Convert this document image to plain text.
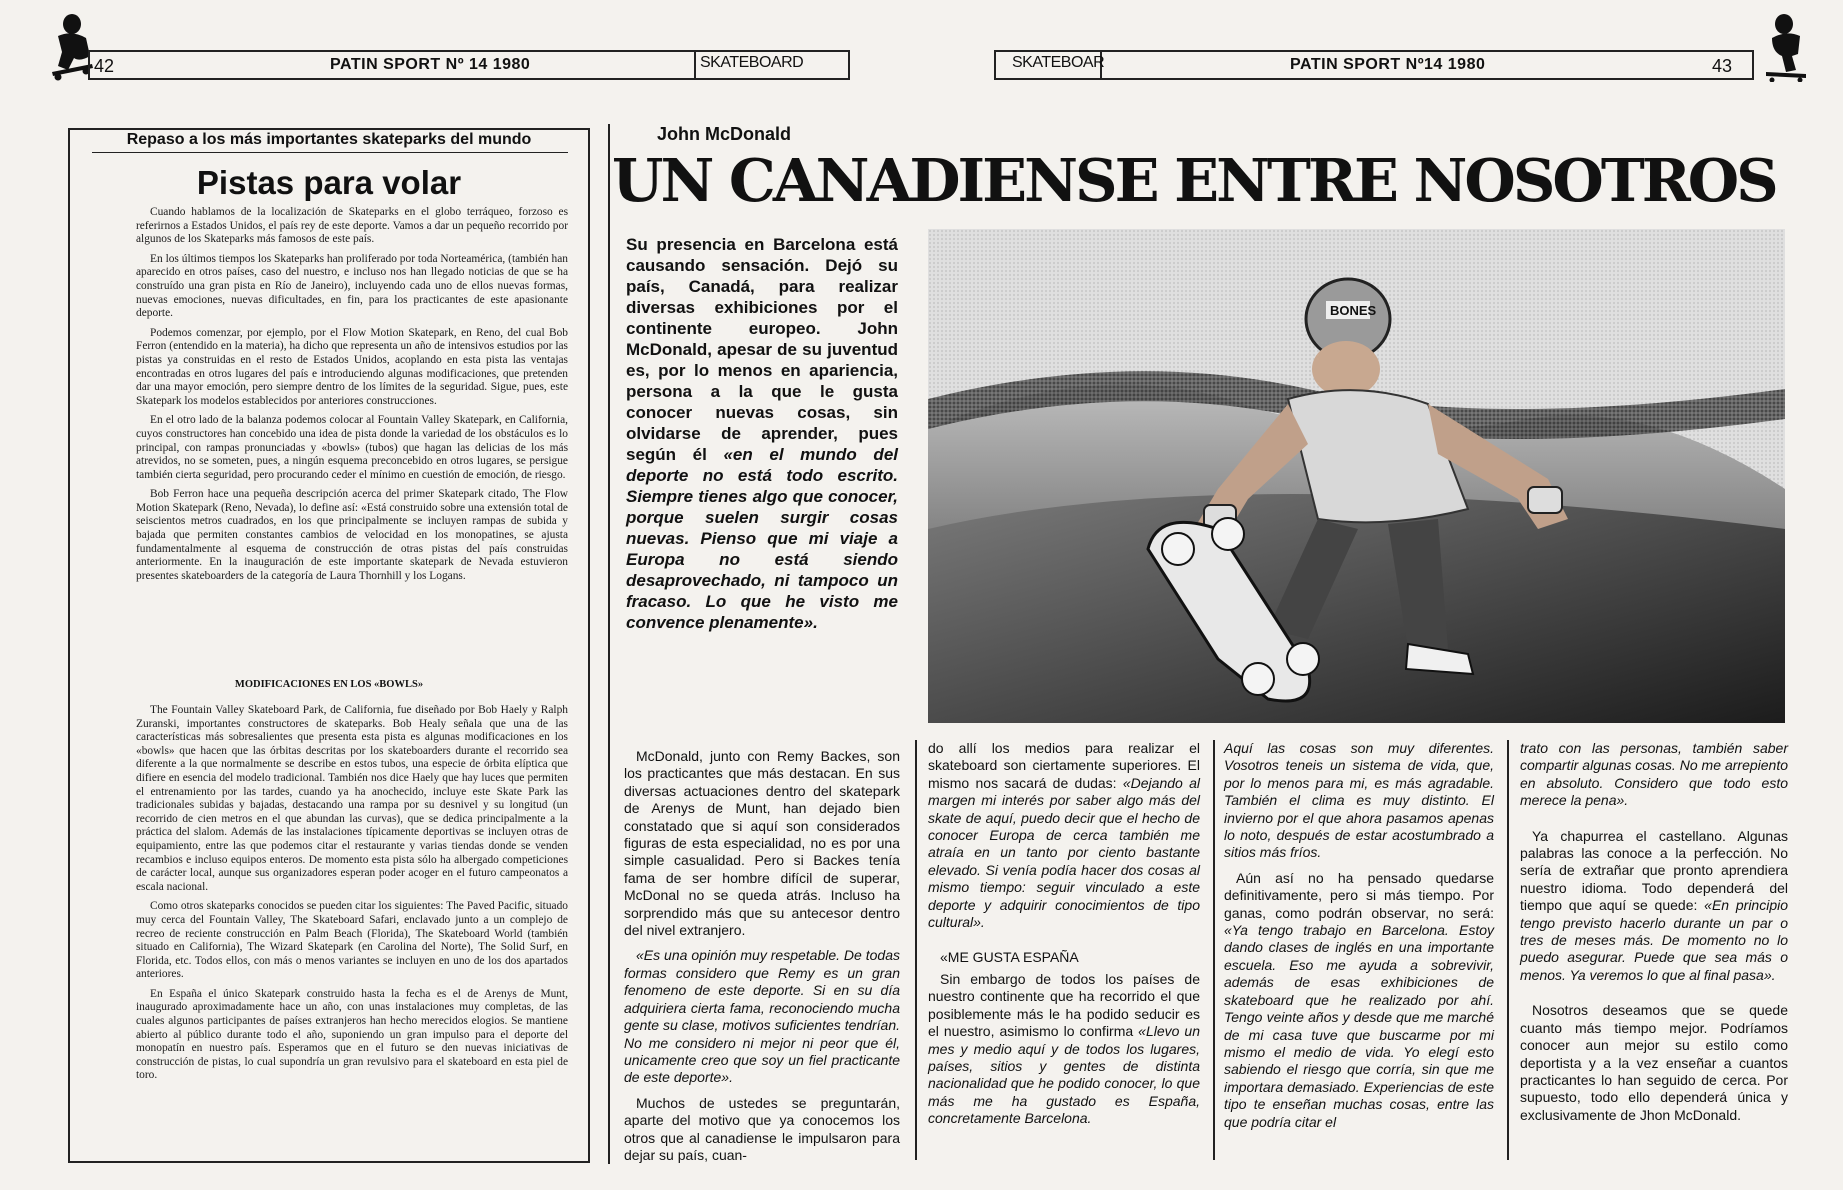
42	PATIN SPORT Nº 14 1980	SKATEBOARD	SKATEBOAR	PATIN SPORT Nº14 1980	43
Repaso a los más importantes skateparks del mundo
Pistas para volar

Cuando hablamos de la localización de Skateparks en el globo terráqueo, forzoso es referirnos a Estados Unidos, el país rey de este deporte. Vamos a dar un pequeño recorrido por algunos de los Skateparks más famosos de este país.

En los últimos tiempos los Skateparks han proliferado por toda Norteamérica, (también han aparecido en otros países, caso del nuestro, e incluso nos han llegado noticias de que se ha construído una gran pista en Río de Janeiro), incluyendo cada uno de ellos nuevas formas, nuevas emociones, nuevas dificultades, en fin, para los practicantes de este apasionante deporte.

Podemos comenzar, por ejemplo, por el Flow Motion Skatepark, en Reno, del cual Bob Ferron (entendido en la materia), ha dicho que representa un año de intensivos estudios por las pistas ya construidas en el resto de Estados Unidos, acoplando en esta pista las ventajas encontradas en otros lugares del país e introduciendo algunas modificaciones, que pretenden dar una mayor emoción, pero siempre dentro de los límites de la seguridad. Sigue, pues, este Skatepark los modelos establecidos por anteriores construcciones.

En el otro lado de la balanza podemos colocar al Fountain Valley Skatepark, en California, cuyos constructores han concebido una idea de pista donde la variedad de los obstáculos es lo principal, con rampas pronunciadas y «bowls» (tubos) que hagan las delicias de los más atrevidos, no se someten, pues, a ningún esquema preconcebido en otros lugares, se persigue también cierta seguridad, pero procurando ceder el mínimo en cuestión de emoción, de riesgo.

Bob Ferron hace una pequeña descripción acerca del primer Skatepark citado, The Flow Motion Skatepark (Reno, Nevada), lo define así: «Está construido sobre una extensión total de seiscientos metros cuadrados, en los que principalmente se incluyen rampas de subida y bajada que permiten constantes cambios de velocidad en los monopatines, se ajusta fundamentalmente al esquema de construcción de otras pistas del país construidas anteriormente. En la inauguración de este importante skatepark de Nevada estuvieron presentes skateboarders de la categoría de Laura Thornhill y los Logans.

MODIFICACIONES EN LOS «BOWLS»

The Fountain Valley Skateboard Park, de California, fue diseñado por Bob Haely y Ralph Zuranski, importantes constructores de skateparks. Bob Healy señala que una de las características más sobresalientes que presenta esta pista es algunas modificaciones en los «bowls» que hacen que las órbitas descritas por los skateboarders durante el recorrido sea diferente a la que normalmente se describe en estos tubos, una especie de órbita elíptica que difiere en esencia del modelo tradicional. También nos dice Haely que hay luces que permiten el entrenamiento por las tardes, cuando ya ha anochecido, incluye este Skate Park las tradicionales subidas y bajadas, destacando una rampa por su desnivel y su longitud (un recorrido de cien metros en el que abundan las curvas), que se dedica principalmente a la práctica del slalom. Además de las instalaciones típicamente deportivas se incluyen otras de equipamiento, entre las que podemos citar el restaurante y varias tiendas donde se venden recambios e incluso equipos enteros. De momento esta pista sólo ha albergado competiciones de carácter local, aunque sus organizadores esperan poder acoger en el futuro campeonatos a escala nacional.

Como otros skateparks conocidos se pueden citar los siguientes: The Paved Pacific, situado muy cerca del Fountain Valley, The Skateboard Safari, enclavado junto a un complejo de recreo de reciente construcción en Palm Beach (Florida), The Skateboard World (también situado en California), The Wizard Skatepark (en Carolina del Norte), The Solid Surf, en Florida, etc. Todos ellos, con más o menos variantes se incluyen en uno de los dos apartados anteriores.

En España el único Skatepark construido hasta la fecha es el de Arenys de Munt, inaugurado aproximadamente hace un año, con unas instalaciones muy completas, de las cuales algunos participantes de países extranjeros han hecho merecidos elogios. Se mantiene abierto al público durante todo el año, suponiendo un gran impulso para el deporte del monopatín en nuestro país. Esperamos que en el futuro se den nuevas iniciativas de construcción de pistas, lo cual supondría un gran revulsivo para el skateboard en esta piel de toro.

John McDonald
UN CANADIENSE ENTRE NOSOTROS
Su presencia en Barcelona está causando sensación. Dejó su país, Canadá, para realizar diversas exhibiciones por el continente europeo. John McDonald, apesar de su juventud es, por lo menos en apariencia, persona a la que le gusta conocer nuevas cosas, sin olvidarse de aprender, pues según él «en el mundo del deporte no está todo escrito. Siempre tienes algo que conocer, porque suelen surgir cosas nuevas. Pienso que mi viaje a Europa no está siendo desaprovechado, ni tampoco un fracaso. Lo que he visto me convence plenamente».
BONES

McDonald, junto con Remy Backes, son los practicantes que más destacan. En sus diversas actuaciones dentro del skatepark de Arenys de Munt, han dejado bien constatado que si aquí son considerados figuras de esta especialidad, no es por una simple casualidad. Pero si Backes tenía fama de ser hombre difícil de superar, McDonal no se queda atrás. Incluso ha sorprendido más que su antecesor dentro del nivel extranjero.

«Es una opinión muy respetable. De todas formas considero que Remy es un gran fenomeno de este deporte. Si en su día adquiriera cierta fama, reconociendo mucha gente su clase, motivos suficientes tendrían. No me considero ni mejor ni peor que él, unicamente creo que soy un fiel practicante de este deporte».

Muchos de ustedes se preguntarán, aparte del motivo que ya conocemos los otros que al canadiense le impulsaron para dejar su país, cuan-

do allí los medios para realizar el skateboard son ciertamente superiores. El mismo nos sacará de dudas: «Dejando al margen mi interés por saber algo más del skate de aquí, puedo decir que el hecho de conocer Europa de cerca también me atraía en un tanto por ciento bastante elevado. Si venía podía hacer dos cosas al mismo tiempo: seguir vinculado a este deporte y adquirir conocimientos de tipo cultural».

«ME GUSTA ESPAÑA

Sin embargo de todos los países de nuestro continente que ha recorrido el que posiblemente más le ha podido seducir es el nuestro, asimismo lo confirma «Llevo un mes y medio aquí y de todos los lugares, países, sitios y gentes de distinta nacionalidad que he podido conocer, lo que más me ha gustado es España, concretamente Barcelona.

Aquí las cosas son muy diferentes. Vosotros teneis un sistema de vida, que, por lo menos para mi, es más agradable. También el clima es muy distinto. El invierno por el que ahora pasamos apenas lo noto, después de estar acostumbrado a sitios más fríos.

Aún así no ha pensado quedarse definitivamente, pero si más tiempo. Por ganas, como podrán observar, no será: «Ya tengo trabajo en Barcelona. Estoy dando clases de inglés en una importante escuela. Eso me ayuda a sobrevivir, además de esas exhibiciones de skateboard que he realizado por ahí. Tengo veinte años y desde que me marché de mi casa tuve que buscarme por mi mismo el medio de vida. Yo elegí esto sabiendo el riesgo que corría, sin que me importara demasiado. Experiencias de este tipo te enseñan muchas cosas, entre las que podría citar el

trato con las personas, también saber compartir algunas cosas. No me arrepiento en absoluto. Considero que todo esto merece la pena».

Ya chapurrea el castellano. Algunas palabras las conoce a la perfección. No sería de extrañar que pronto aprendiera nuestro idioma. Todo dependerá del tiempo que aquí se quede: «En principio tengo previsto hacerlo durante un par o tres de meses más. De momento no lo puedo asegurar. Puede que sea más o menos. Ya veremos lo que al final pasa».

Nosotros deseamos que se quede cuanto más tiempo mejor. Podríamos conocer aun mejor su estilo como deportista y a la vez enseñar a cuantos practicantes lo han seguido de cerca. Por supuesto, todo ello dependerá única y exclusivamente de Jhon McDonald.
